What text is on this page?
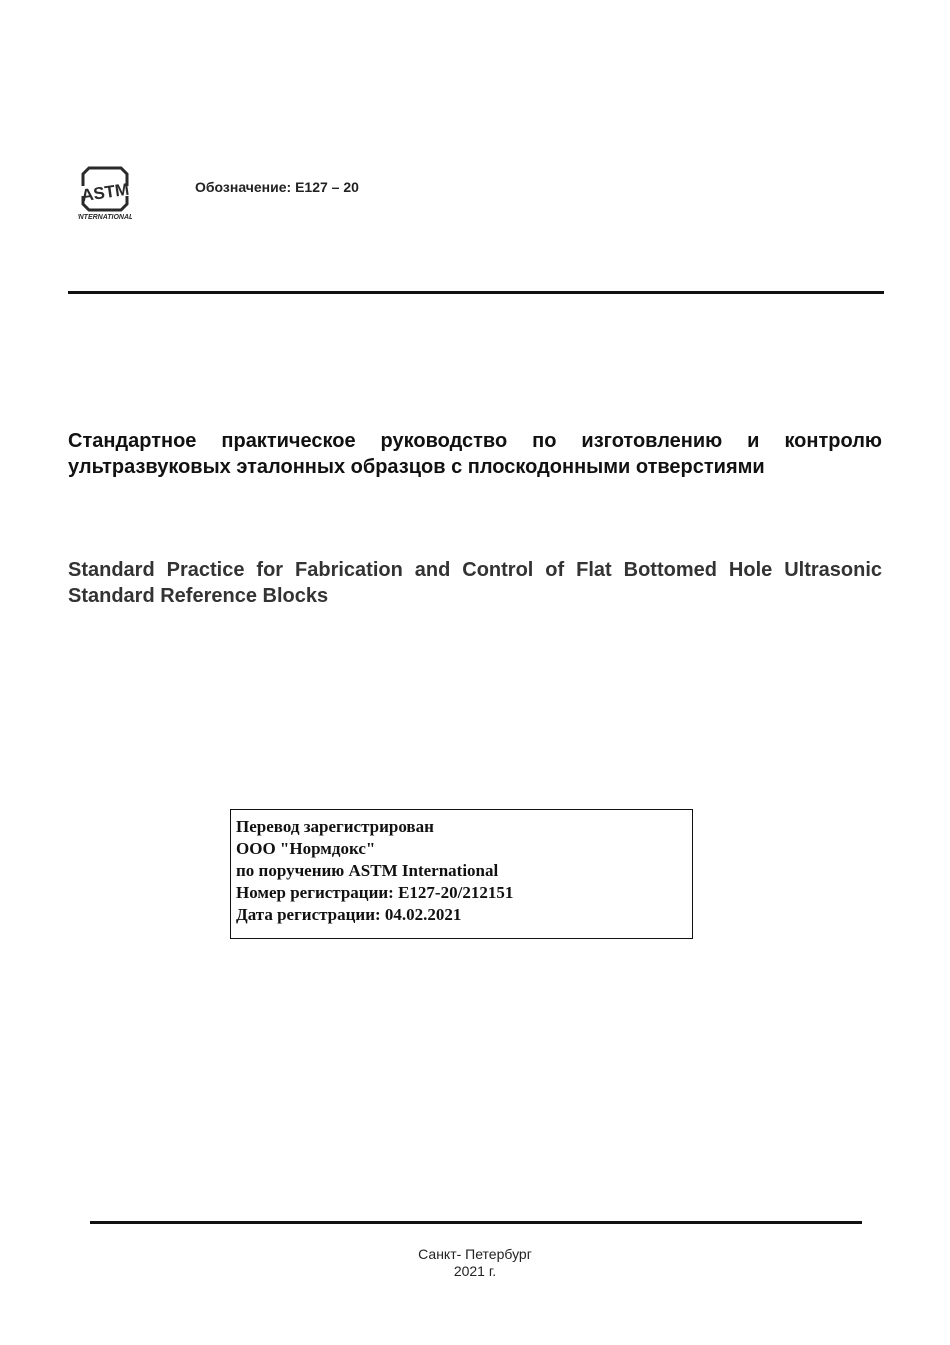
ASTM
INTERNATIONAL
Обозначение: E127 – 20
Стандартное практическое руководство по изготовлению и контролю ультразвуковых эталонных образцов с плоскодонными отверстиями
Standard Practice for Fabrication and Control of Flat Bottomed Hole Ultrasonic Standard Reference Blocks
Перевод зарегистрирован
ООО "Нормдокс"
по поручению ASTM International
Номер регистрации: E127-20/212151
Дата регистрации: 04.02.2021
Санкт- Петербург
2021 г.
